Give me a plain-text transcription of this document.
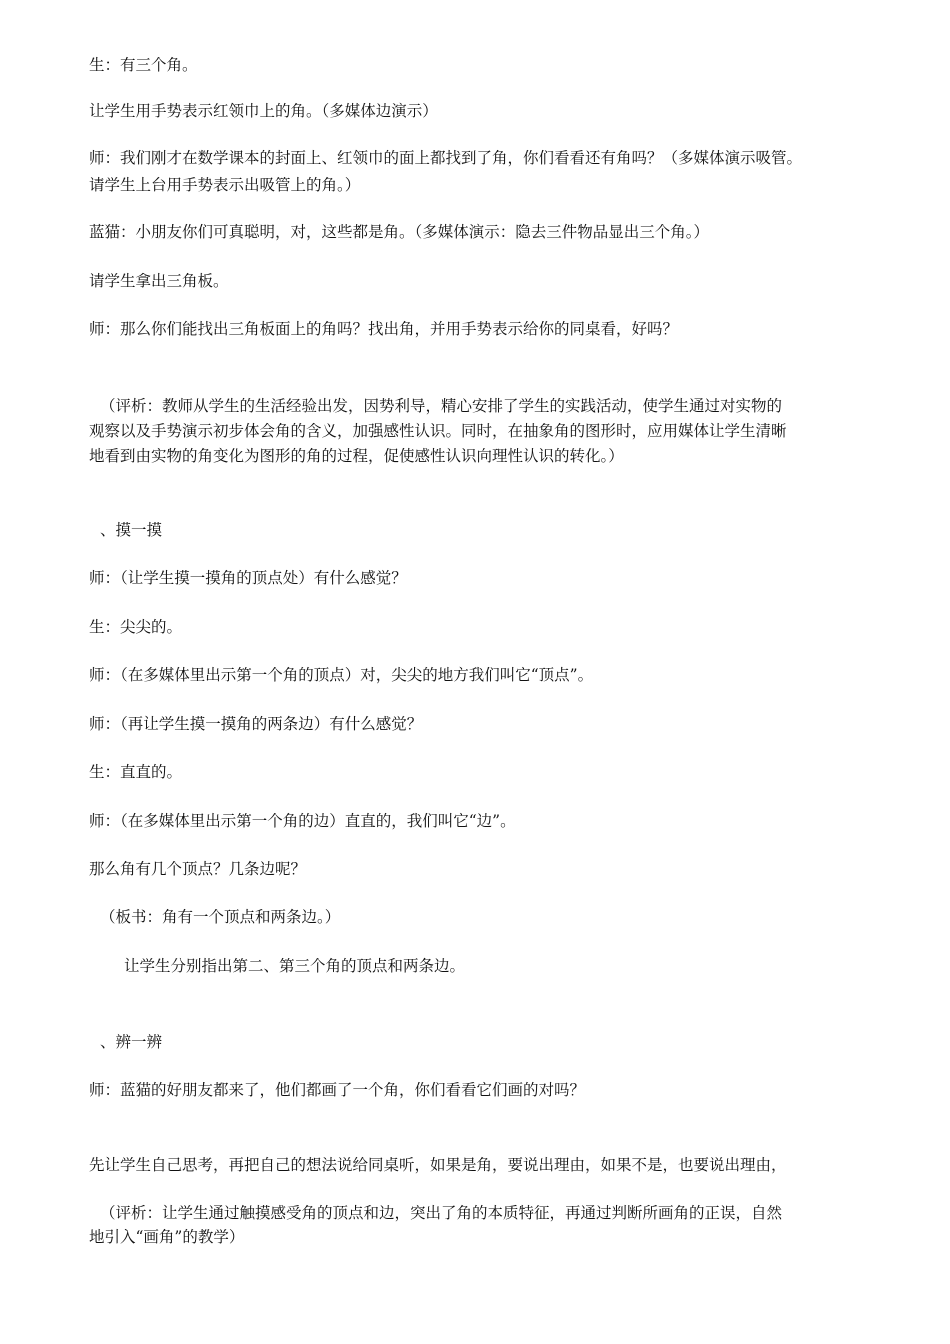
生：有三个角。

让学生用手势表示红领巾上的角。（多媒体边演示）

师：我们刚才在数学课本的封面上、红领巾的面上都找到了角，你们看看还有角吗？（多媒体演示吸管。

请学生上台用手势表示出吸管上的角。）

蓝猫：小朋友你们可真聪明，对，这些都是角。（多媒体演示：隐去三件物品显出三个角。）

请学生拿出三角板。

师：那么你们能找出三角板面上的角吗？找出角，并用手势表示给你的同桌看，好吗？

（评析：教师从学生的生活经验出发，因势利导，精心安排了学生的实践活动，使学生通过对实物的

观察以及手势演示初步体会角的含义，加强感性认识。同时，在抽象角的图形时，应用媒体让学生清晰

地看到由实物的角变化为图形的角的过程，促使感性认识向理性认识的转化。）

、摸一摸

师：（让学生摸一摸角的顶点处）有什么感觉？

生：尖尖的。

师：（在多媒体里出示第一个角的顶点）对，尖尖的地方我们叫它“顶点”。

师：（再让学生摸一摸角的两条边）有什么感觉？

生：直直的。

师：（在多媒体里出示第一个角的边）直直的，我们叫它“边”。

那么角有几个顶点？几条边呢？

（板书：角有一个顶点和两条边。）

让学生分别指出第二、第三个角的顶点和两条边。

、辨一辨

师：蓝猫的好朋友都来了，他们都画了一个角，你们看看它们画的对吗？

先让学生自己思考，再把自己的想法说给同桌听，如果是角，要说出理由，如果不是，也要说出理由，

（评析：让学生通过触摸感受角的顶点和边，突出了角的本质特征，再通过判断所画角的正误，自然

地引入“画角”的教学）
